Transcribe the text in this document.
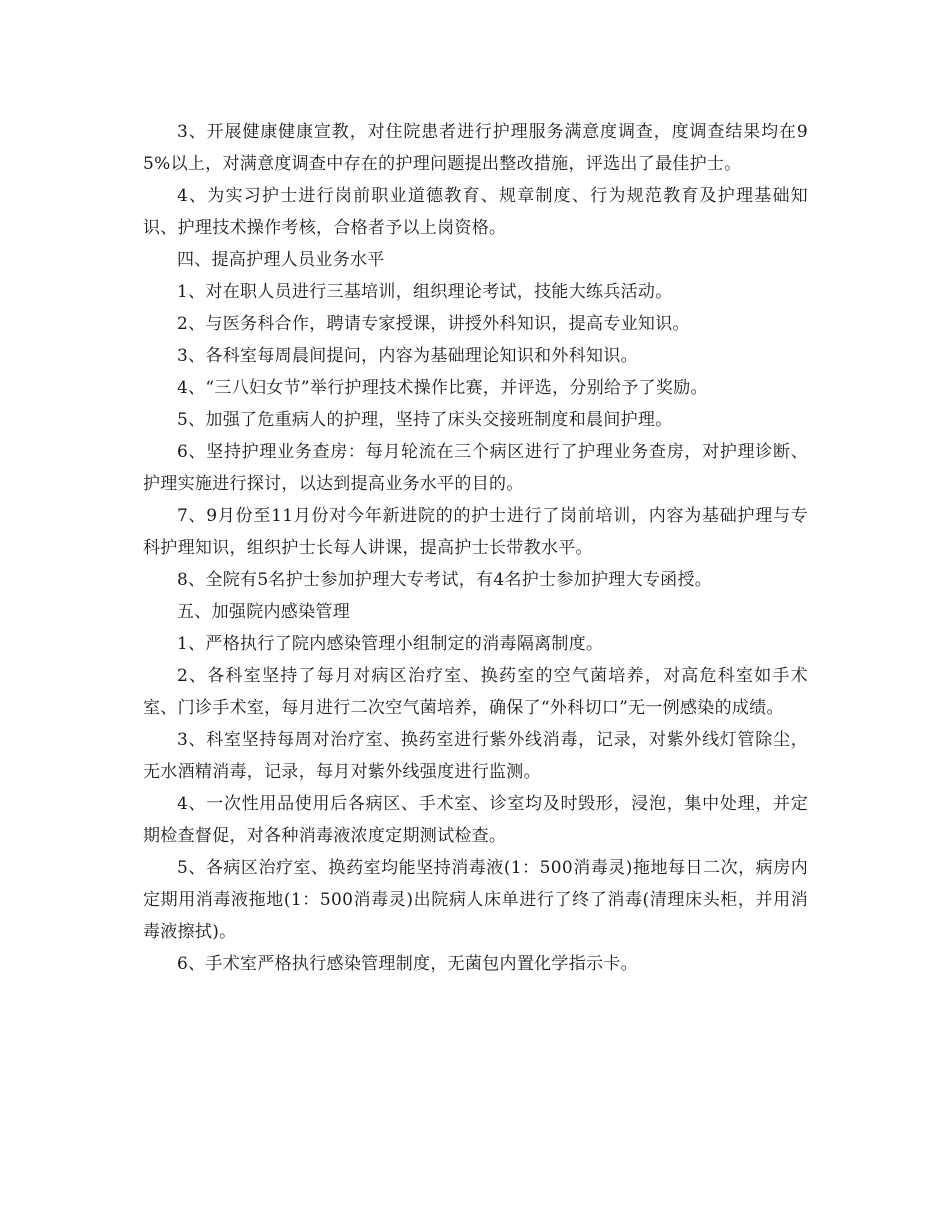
3、开展健康健康宣教，对住院患者进行护理服务满意度调查，度调查结果均在95%以上，对满意度调查中存在的护理问题提出整改措施，评选出了最佳护士。

4、为实习护士进行岗前职业道德教育、规章制度、行为规范教育及护理基础知识、护理技术操作考核，合格者予以上岗资格。

四、提高护理人员业务水平

1、对在职人员进行三基培训，组织理论考试，技能大练兵活动。

2、与医务科合作，聘请专家授课，讲授外科知识，提高专业知识。

3、各科室每周晨间提问，内容为基础理论知识和外科知识。

4、“三八妇女节”举行护理技术操作比赛，并评选，分别给予了奖励。

5、加强了危重病人的护理，坚持了床头交接班制度和晨间护理。

6、坚持护理业务查房：每月轮流在三个病区进行了护理业务查房，对护理诊断、护理实施进行探讨，以达到提高业务水平的目的。

7、9月份至11月份对今年新进院的的护士进行了岗前培训，内容为基础护理与专科护理知识，组织护士长每人讲课，提高护士长带教水平。

8、全院有5名护士参加护理大专考试，有4名护士参加护理大专函授。

五、加强院内感染管理

1、严格执行了院内感染管理小组制定的消毒隔离制度。

2、各科室坚持了每月对病区治疗室、换药室的空气菌培养，对高危科室如手术室、门诊手术室，每月进行二次空气菌培养，确保了“外科切口”无一例感染的成绩。

3、科室坚持每周对治疗室、换药室进行紫外线消毒，记录，对紫外线灯管除尘，无水酒精消毒，记录，每月对紫外线强度进行监测。

4、一次性用品使用后各病区、手术室、诊室均及时毁形，浸泡，集中处理，并定期检查督促，对各种消毒液浓度定期测试检查。

5、各病区治疗室、换药室均能坚持消毒液(1：500消毒灵)拖地每日二次，病房内定期用消毒液拖地(1：500消毒灵)出院病人床单进行了终了消毒(清理床头柜，并用消毒液擦拭)。

6、手术室严格执行感染管理制度，无菌包内置化学指示卡。
